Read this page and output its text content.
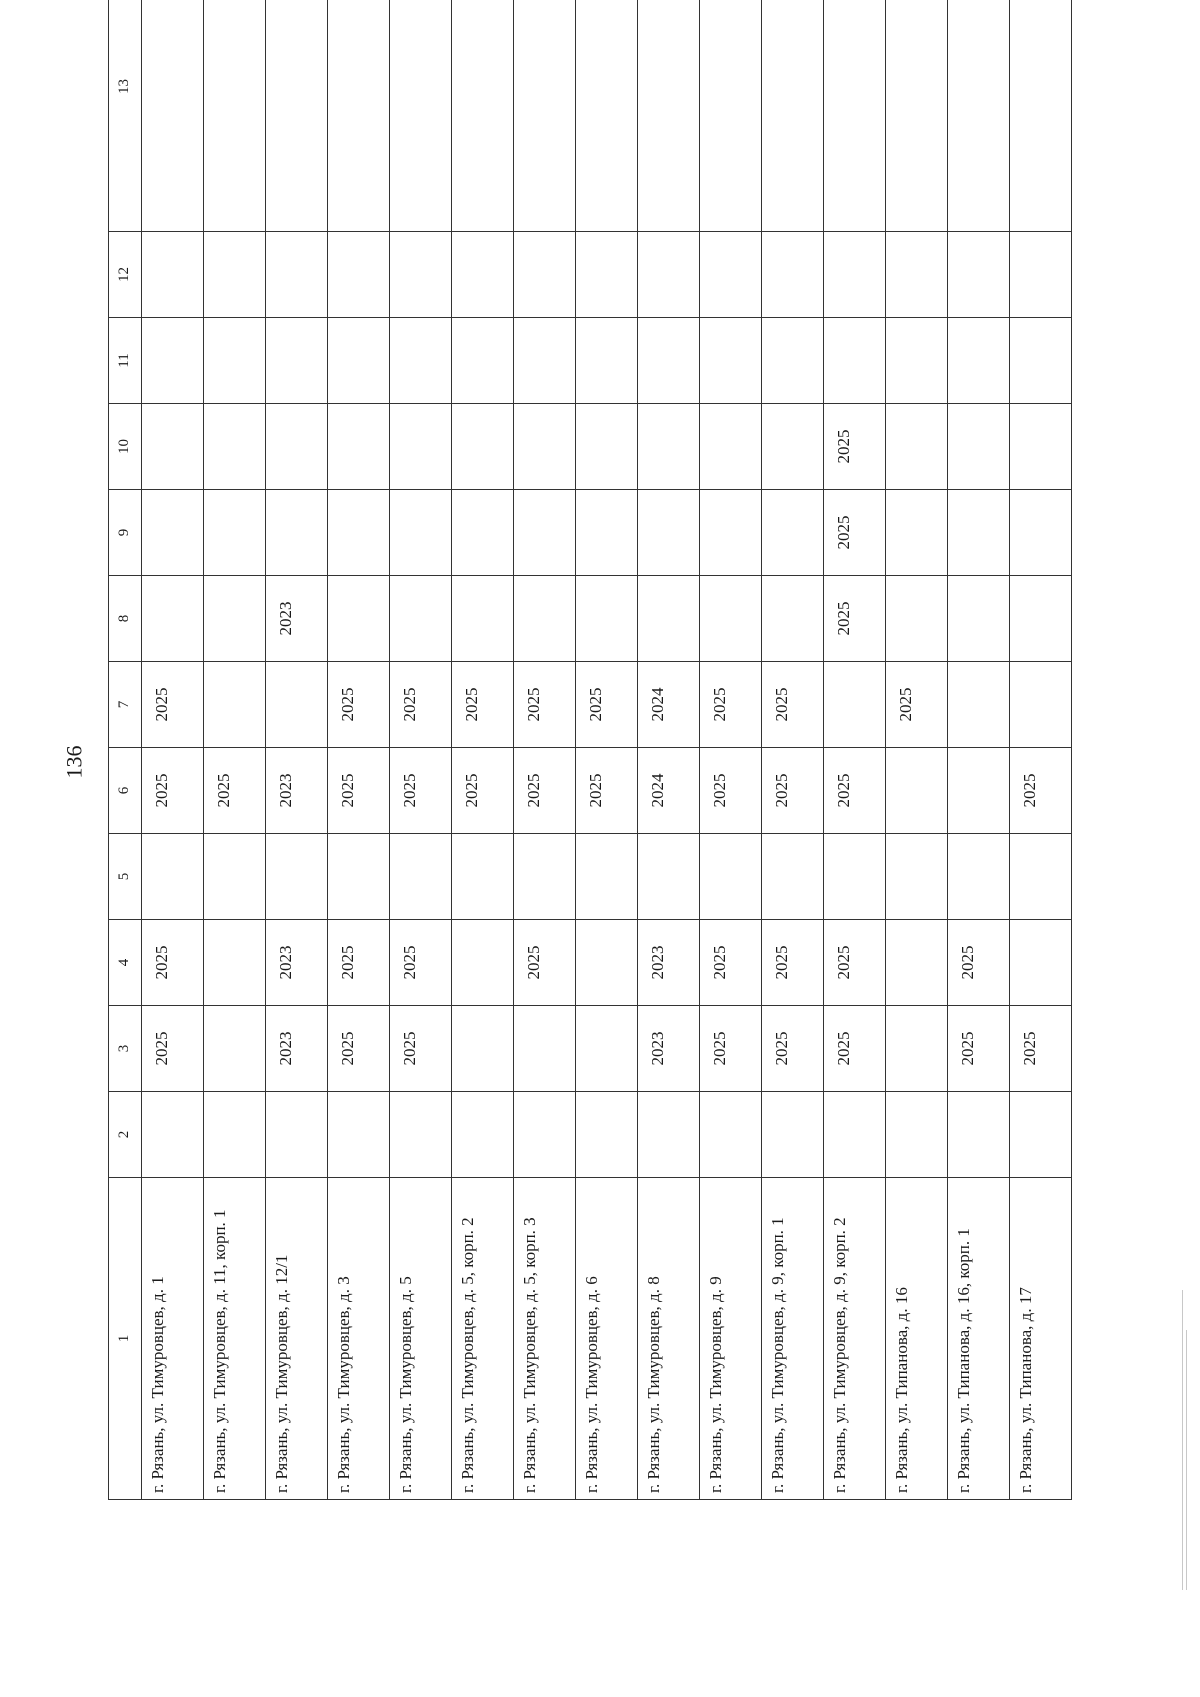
136
1	2	3	4	5	6	7	8	9	10	11	12	13
г. Рязань, ул. Тимуровцев, д. 1		2025	2025		2025	2025						
г. Рязань, ул. Тимуровцев, д. 11, корп. 1					2025							
г. Рязань, ул. Тимуровцев, д. 12/1		2023	2023		2023		2023					
г. Рязань, ул. Тимуровцев, д. 3		2025	2025		2025	2025						
г. Рязань, ул. Тимуровцев, д. 5		2025	2025		2025	2025						
г. Рязань, ул. Тимуровцев, д. 5, корп. 2					2025	2025						
г. Рязань, ул. Тимуровцев, д. 5, корп. 3			2025		2025	2025						
г. Рязань, ул. Тимуровцев, д. 6					2025	2025						
г. Рязань, ул. Тимуровцев, д. 8		2023	2023		2024	2024						
г. Рязань, ул. Тимуровцев, д. 9		2025	2025		2025	2025						
г. Рязань, ул. Тимуровцев, д. 9, корп. 1		2025	2025		2025	2025						
г. Рязань, ул. Тимуровцев, д. 9, корп. 2		2025	2025		2025		2025	2025	2025			
г. Рязань, ул. Типанова, д. 16						2025						
г. Рязань, ул. Типанова, д. 16, корп. 1		2025	2025									
г. Рязань, ул. Типанова, д. 17		2025			2025							
